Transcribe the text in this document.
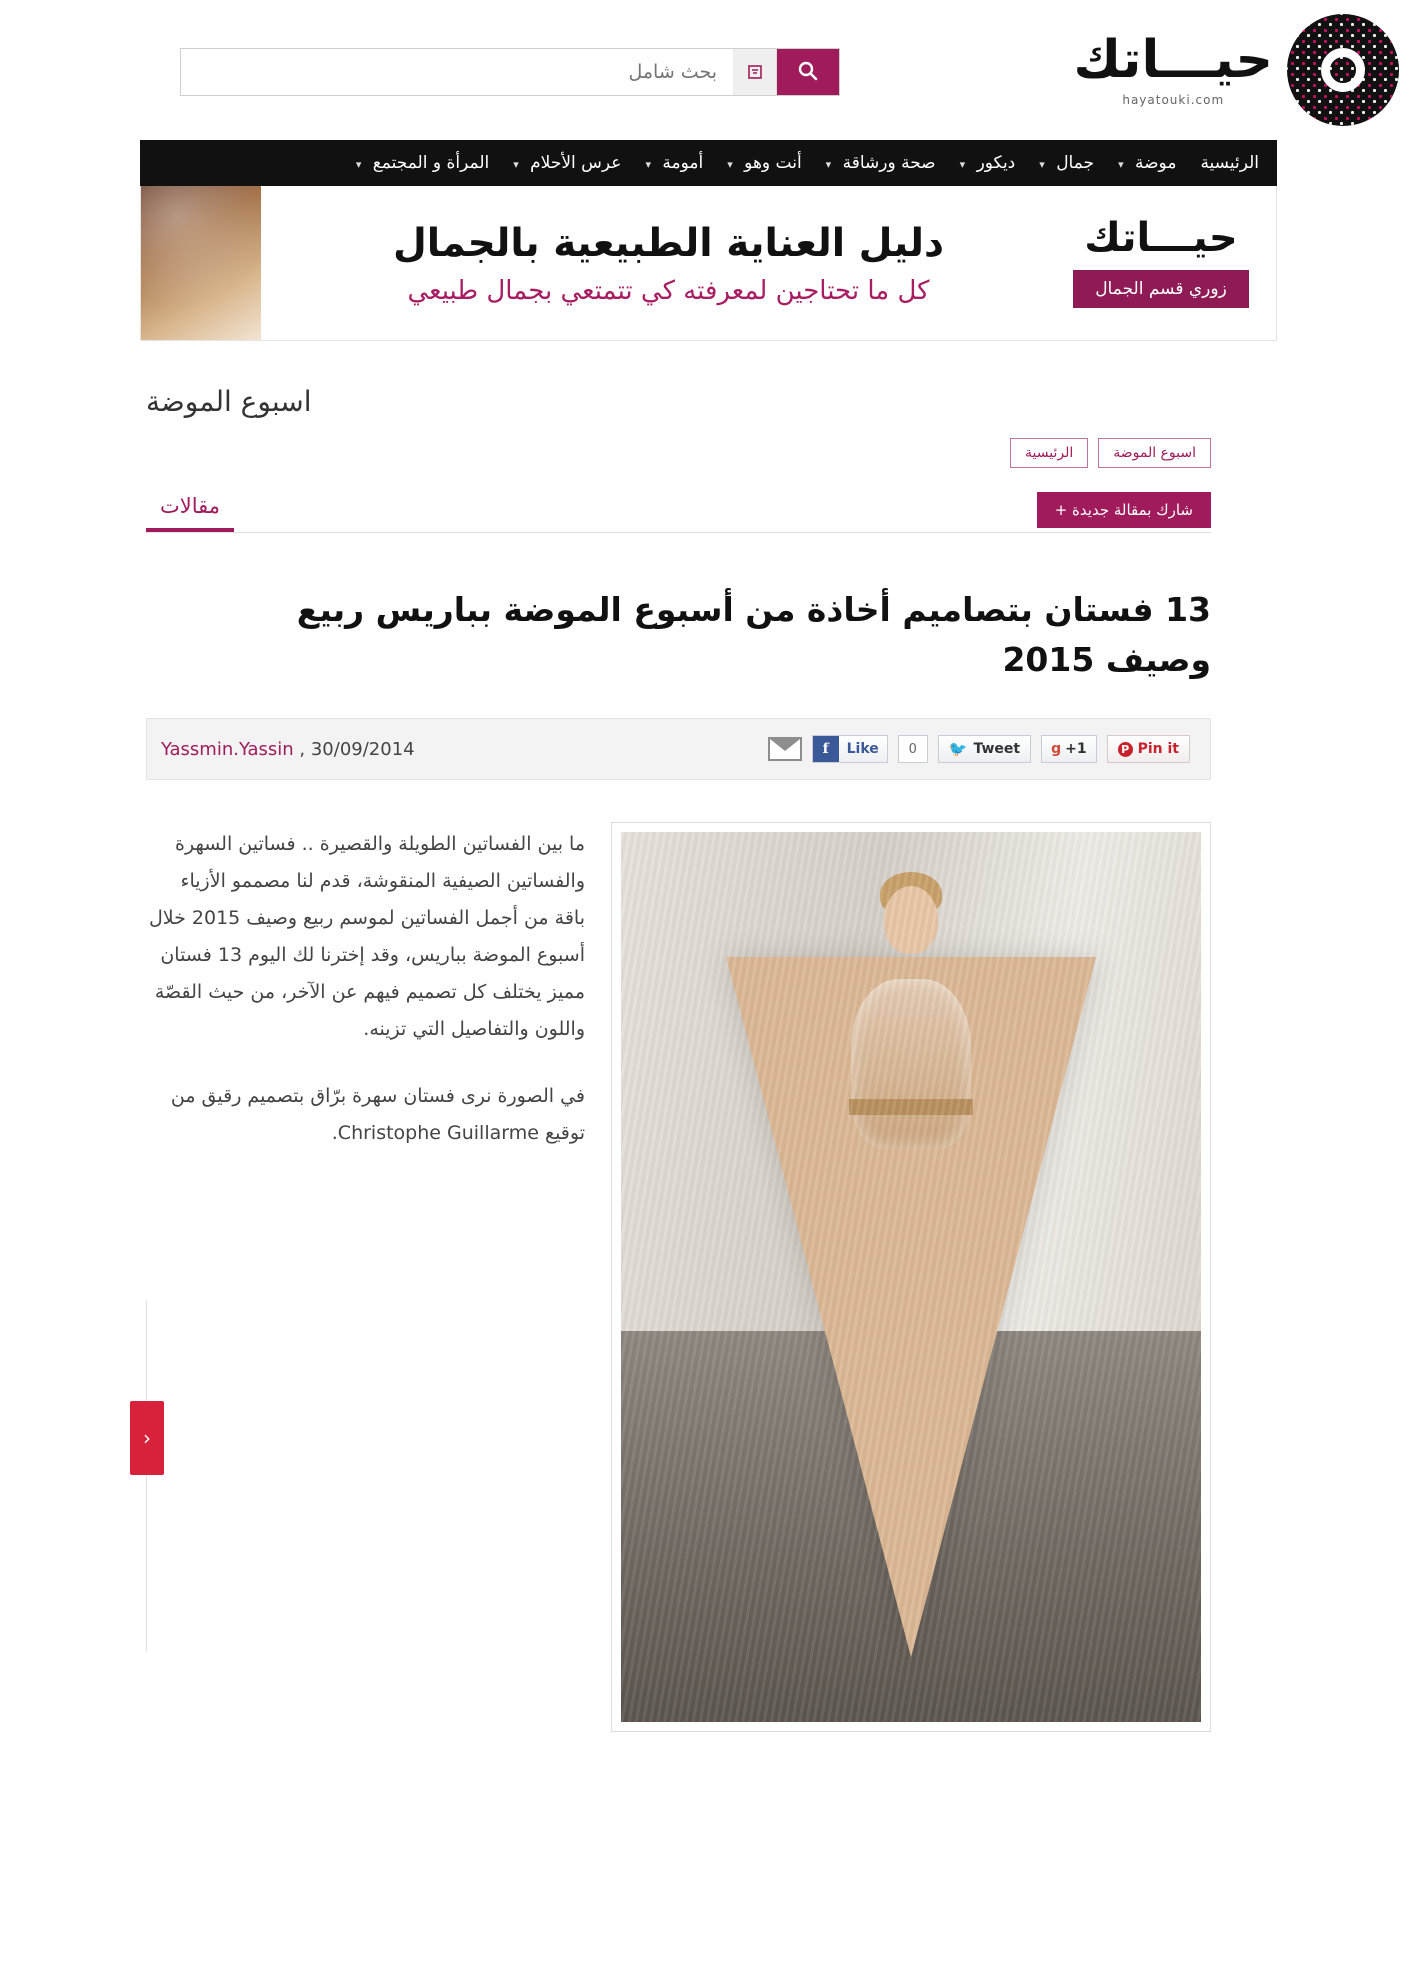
بحث شامل
حيـــاتك
hayatouki.com
الرئيسية
موضة ▾
جمال ▾
ديكور ▾
صحة ورشاقة ▾
أنت وهو ▾
أمومة ▾
عرس الأحلام ▾
المرأة و المجتمع ▾
حيـــاتك
زوري قسم الجمال
دليل العناية الطبيعية بالجمال
كل ما تحتاجين لمعرفته كي تتمتعي بجمال طبيعي
اسبوع الموضة
اسبوع الموضة
الرئيسية
شارك بمقالة جديدة +
مقالات
13 فستان بتصاميم أخاذة من أسبوع الموضة بباريس ربيع وصيف 2015
Yassmin.Yassin , 30/09/2014	f	Like	0	🐦 Tweet g +1	P Pin it

ما بين الفساتين الطويلة والقصيرة .. فساتين السهرة والفساتين الصيفية المنقوشة، قدم لنا مصممو الأزياء باقة من أجمل الفساتين لموسم ربيع وصيف 2015 خلال أسبوع الموضة بباريس، وقد إخترنا لك اليوم 13 فستان مميز يختلف كل تصميم فيهم عن الآخر، من حيث القصّة واللون والتفاصيل التي تزينه.

في الصورة نرى فستان سهرة برّاق بتصميم رقيق من توقيع Christophe Guillarme.

‹
